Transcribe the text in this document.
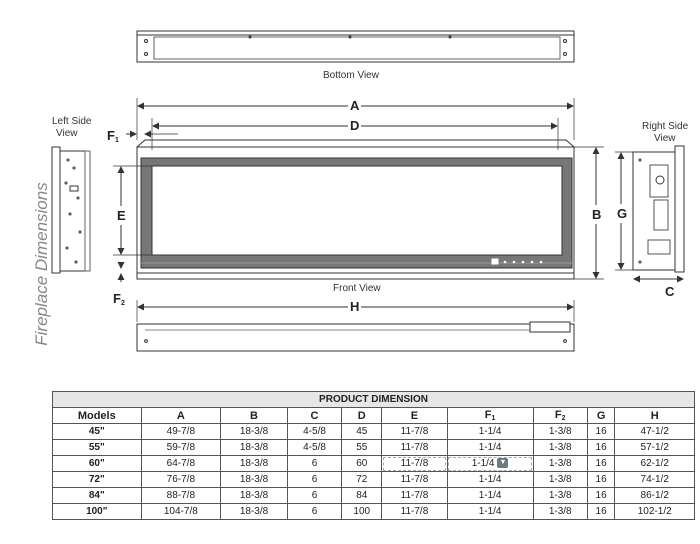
Fireplace Dimensions
Bottom View
Front View
Left Side
View
Right Side
View
A
D
$F_1$
B
E
$F_2$	H
G
C
PRODUCT DIMENSION									
Models	A	B	C	D	E	$F_1$	$F_2$	G	H
45"	49-7/8	18-3/8	4-5/8	45	11-7/8	1-1/4	1-3/8	16	47-1/2
55"	59-7/8	18-3/8	4-5/8	55	11-7/8	1-1/4	1-3/8	16	57-1/2
60"	64-7/8	18-3/8	6	60	11-7/8	1-1/4 ▼	1-3/8	16	62-1/2
72"	76-7/8	18-3/8	6	72	11-7/8	1-1/4	1-3/8	16	74-1/2
84"	88-7/8	18-3/8	6	84	11-7/8	1-1/4	1-3/8	16	86-1/2
100"	104-7/8	18-3/8	6	100	11-7/8	1-1/4	1-3/8	16	102-1/2
